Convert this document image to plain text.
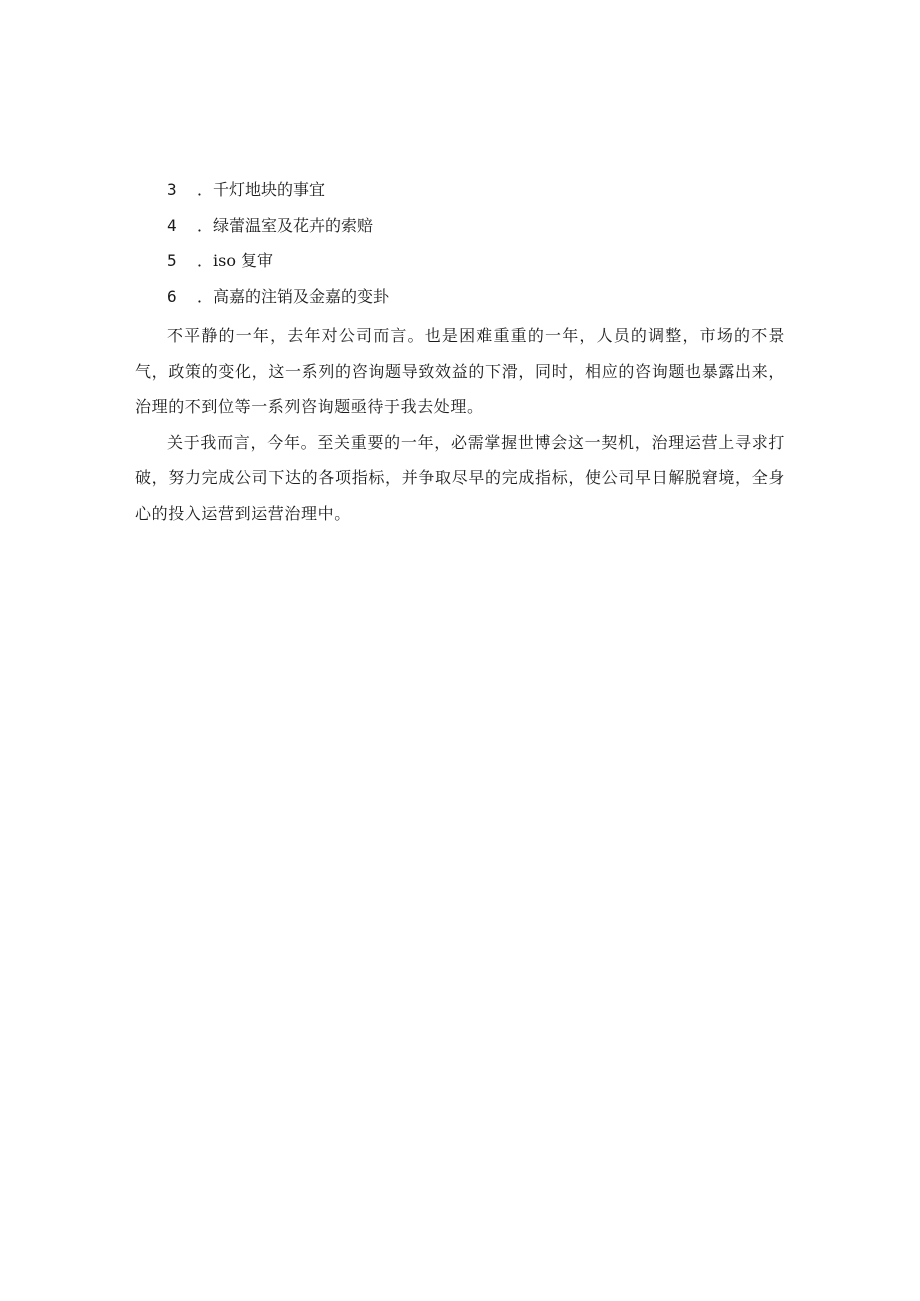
3 ．千灯地块的事宜
4 ．绿蕾温室及花卉的索赔
5 ．iso 复审
6 ．高嘉的注销及金嘉的变卦

不平静的一年，去年对公司而言。也是困难重重的一年，人员的调整，市场的不景气，政策的变化，这一系列的咨询题导致效益的下滑，同时，相应的咨询题也暴露出来，治理的不到位等一系列咨询题亟待于我去处理。

关于我而言，今年。至关重要的一年，必需掌握世博会这一契机，治理运营上寻求打破，努力完成公司下达的各项指标，并争取尽早的完成指标，使公司早日解脱窘境，全身心的投入运营到运营治理中。
